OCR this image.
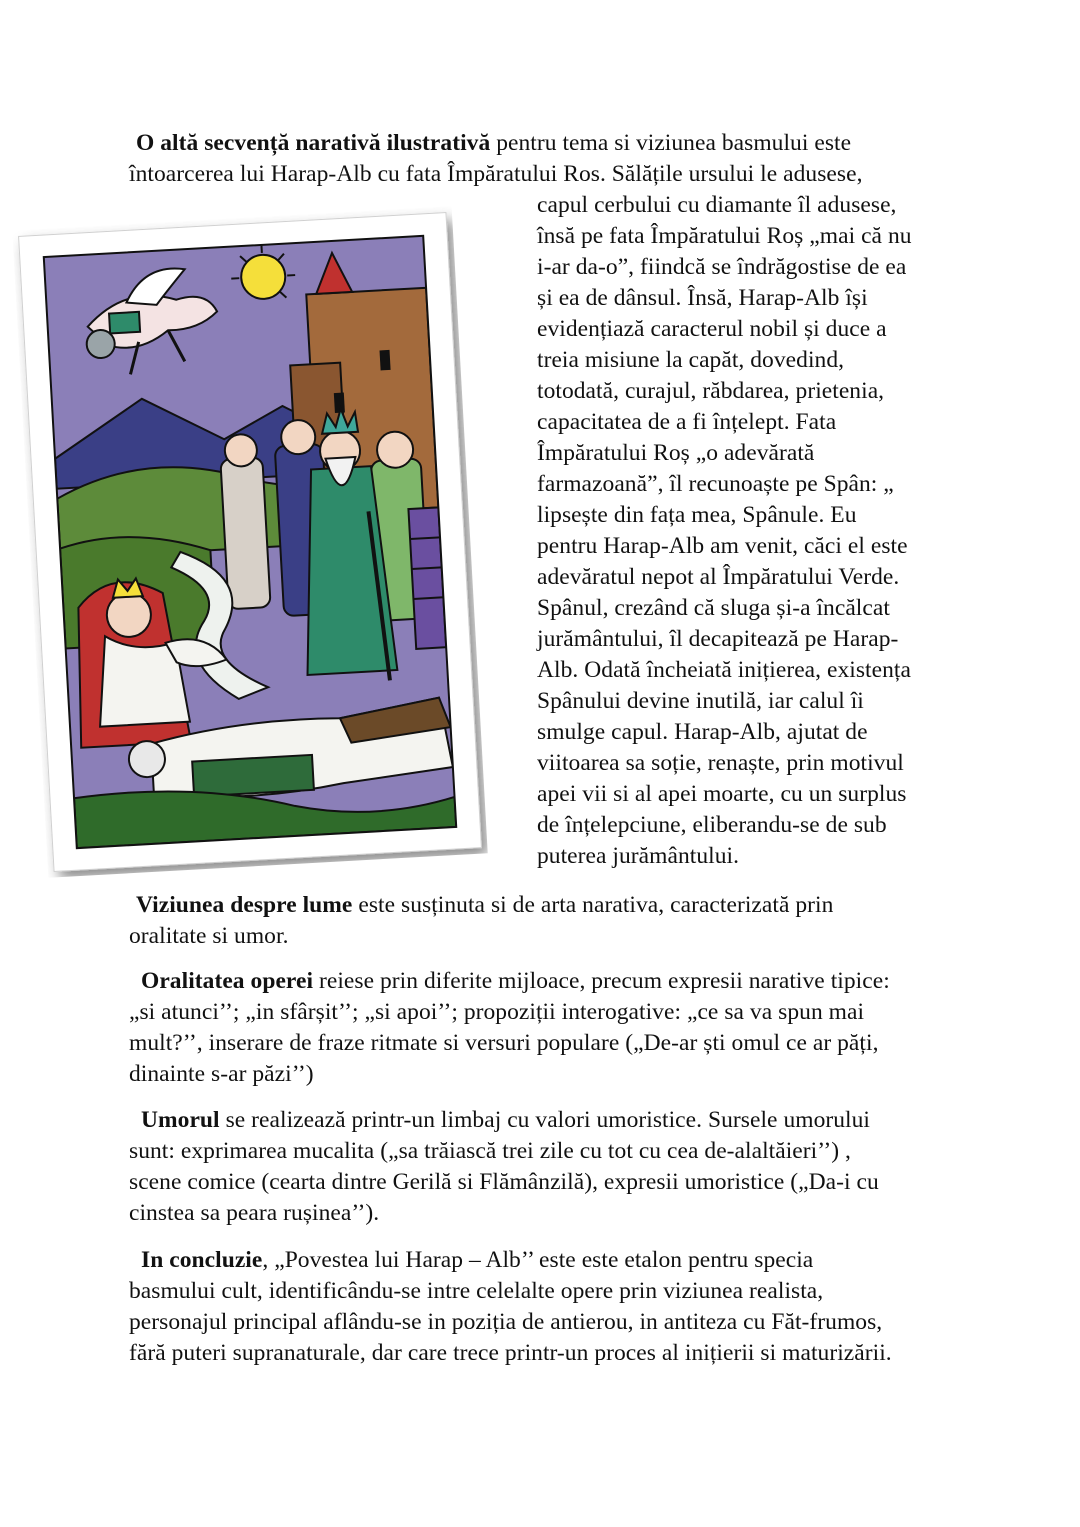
O altă secvență narativă ilustrativă pentru tema si viziunea basmului este
întoarcerea lui Harap-Alb cu fata Împăratului Ros. Sălățile ursului le adusese,
capul cerbului cu diamante îl adusese,
însă pe fata Împăratului Roș „mai că nu
i-ar da-o”, fiindcă se îndrăgostise de ea
și ea de dânsul. Însă, Harap-Alb își
evidențiază caracterul nobil și duce a
treia misiune la capăt, dovedind,
totodată, curajul, răbdarea, prietenia,
capacitatea de a fi înțelept. Fata
Împăratului Roș „o adevărată
farmazoană”, îl recunoaște pe Spân: „
lipsește din fața mea, Spânule. Eu
pentru Harap-Alb am venit, căci el este
adevăratul nepot al Împăratului Verde.
Spânul, crezând că sluga și-a încălcat
jurământului, îl decapitează pe Harap-
Alb. Odată încheiată inițierea, existența
Spânului devine inutilă, iar calul îi
smulge capul. Harap-Alb, ajutat de
viitoarea sa soție, renaște, prin motivul
apei vii si al apei moarte, cu un surplus
de înțelepciune, eliberandu-se de sub
puterea jurământului.
Viziunea despre lume este susținuta si de arta narativa, caracterizată prin
oralitate si umor.
Oralitatea operei reiese prin diferite mijloace, precum expresii narative tipice:
„si atunci’’; „in sfârșit’’; „si apoi’’; propoziții interogative: „ce sa va spun mai
mult?’’, inserare de fraze ritmate si versuri populare („De-ar ști omul ce ar păți,
dinainte s-ar păzi’’)
Umorul se realizează printr-un limbaj cu valori umoristice. Sursele umorului
sunt: exprimarea mucalita („sa trăiască trei zile cu tot cu cea de-alaltăieri’’) ,
scene comice (cearta dintre Gerilă si Flămânzilă), expresii umoristice („Da-i cu
cinstea sa peara rușinea’’).
In concluzie, „Povestea lui Harap – Alb’’ este este etalon pentru specia
basmului cult, identificându-se intre celelalte opere prin viziunea realista,
personajul principal aflându-se in poziția de antierou, in antiteza cu Făt-frumos,
fără puteri supranaturale, dar care trece printr-un proces al inițierii si maturizării.
